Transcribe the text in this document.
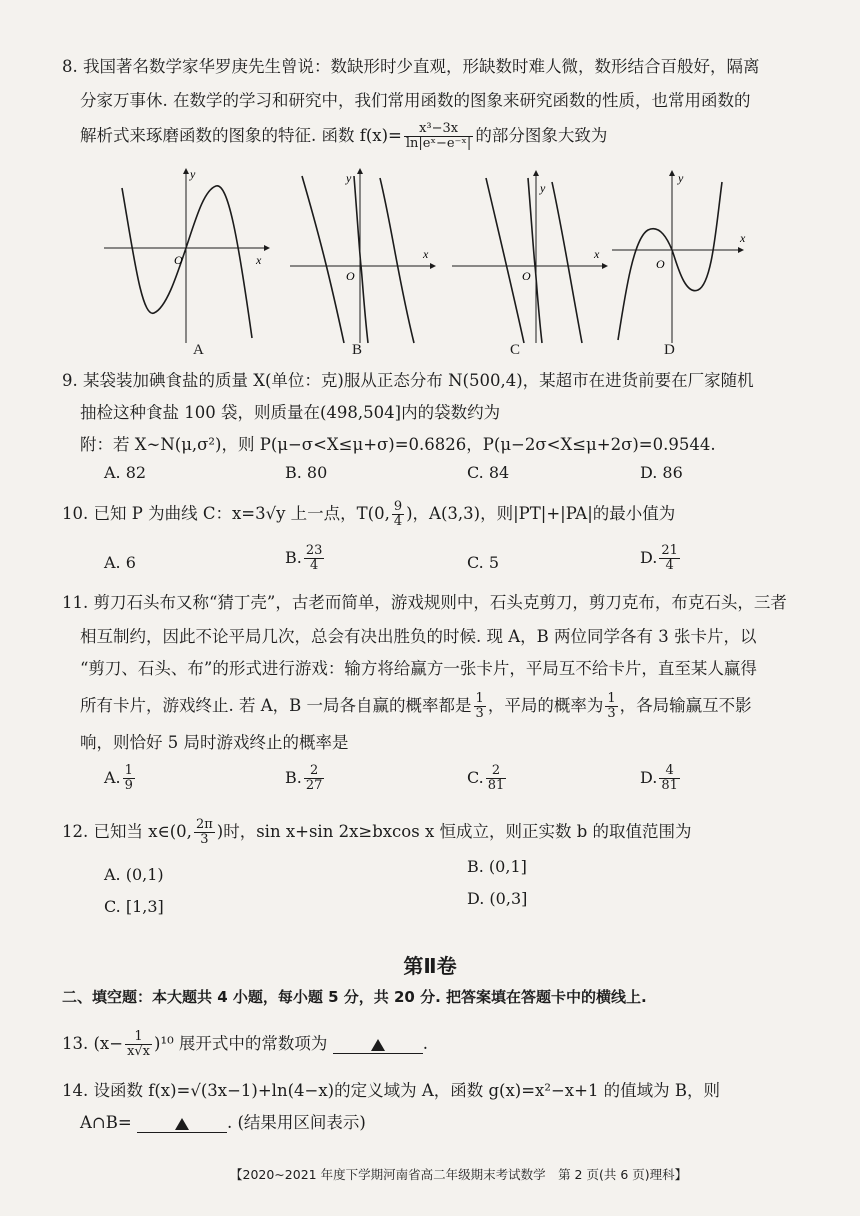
8. 我国著名数学家华罗庚先生曾说：数缺形时少直观，形缺数时难人微，数形结合百般好，隔离
分家万事休. 在数学的学习和研究中，我们常用函数的图象来研究函数的性质，也常用函数的
解析式来琢磨函数的图象的特征. 函数 $f(x)= \frac{\text{x³−3x}}{\text{ln|eˣ−e⁻ˣ|}}$ 的部分图象大致为
y
x
O
A
y
x
O
B
y
x
O
C
y
x
O
D
9. 某袋装加碘食盐的质量 X(单位：克)服从正态分布 N(500,4)，某超市在进货前要在厂家随机
抽检这种食盐 100 袋，则质量在(498,504]内的袋数约为
附：若 X∼N(μ,σ²)，则 P(μ−σ<X≤μ+σ)=0.6826，P(μ−2σ<X≤μ+2σ)=0.9544.
A. 82	B. 80	C. 84	D. 86
10. 已知 P 为曲线 C：x=3√y 上一点，T(0, $\frac{9}{4}$ )，A(3,3)，则|PT|+|PA|的最小值为
A. 6	B. $\frac{23}{4}$	C. 5	D. $\frac{21}{4}$
11. 剪刀石头布又称“猜丁壳”，古老而简单，游戏规则中，石头克剪刀，剪刀克布，布克石头，三者
相互制约，因此不论平局几次，总会有决出胜负的时候. 现 A，B 两位同学各有 3 张卡片，以
“剪刀、石头、布”的形式进行游戏：输方将给赢方一张卡片，平局互不给卡片，直至某人赢得
所有卡片，游戏终止. 若 A，B 一局各自赢的概率都是 $\frac{1}{3}$ ，平局的概率为 $\frac{1}{3}$ ，各局输赢互不影
响，则恰好 5 局时游戏终止的概率是
A. $\frac{1}{9}$	B. $\frac{2}{27}$	C. $\frac{2}{81}$	D. $\frac{4}{81}$
12. 已知当 x∈(0, $\frac{2\pi}{3}$ )时，sin x+sin 2x≥bxcos x 恒成立，则正实数 b 的取值范围为
A. (0,1)	B. (0,1]
C. [1,3]	D. (0,3]
第Ⅱ卷
二、填空题：本大题共 4 小题，每小题 5 分，共 20 分. 把答案填在答题卡中的横线上.
13. $(x- \frac{1}{x√x} )^{10}$ 展开式中的常数项为	.
14. 设函数 f(x)=√(3x−1)+ln(4−x)的定义域为 A，函数 g(x)=x²−x+1 的值域为 B，则
A∩B=	. (结果用区间表示)
【2020∼2021 年度下学期河南省高二年级期末考试数学　第 2 页(共 6 页)理科】
